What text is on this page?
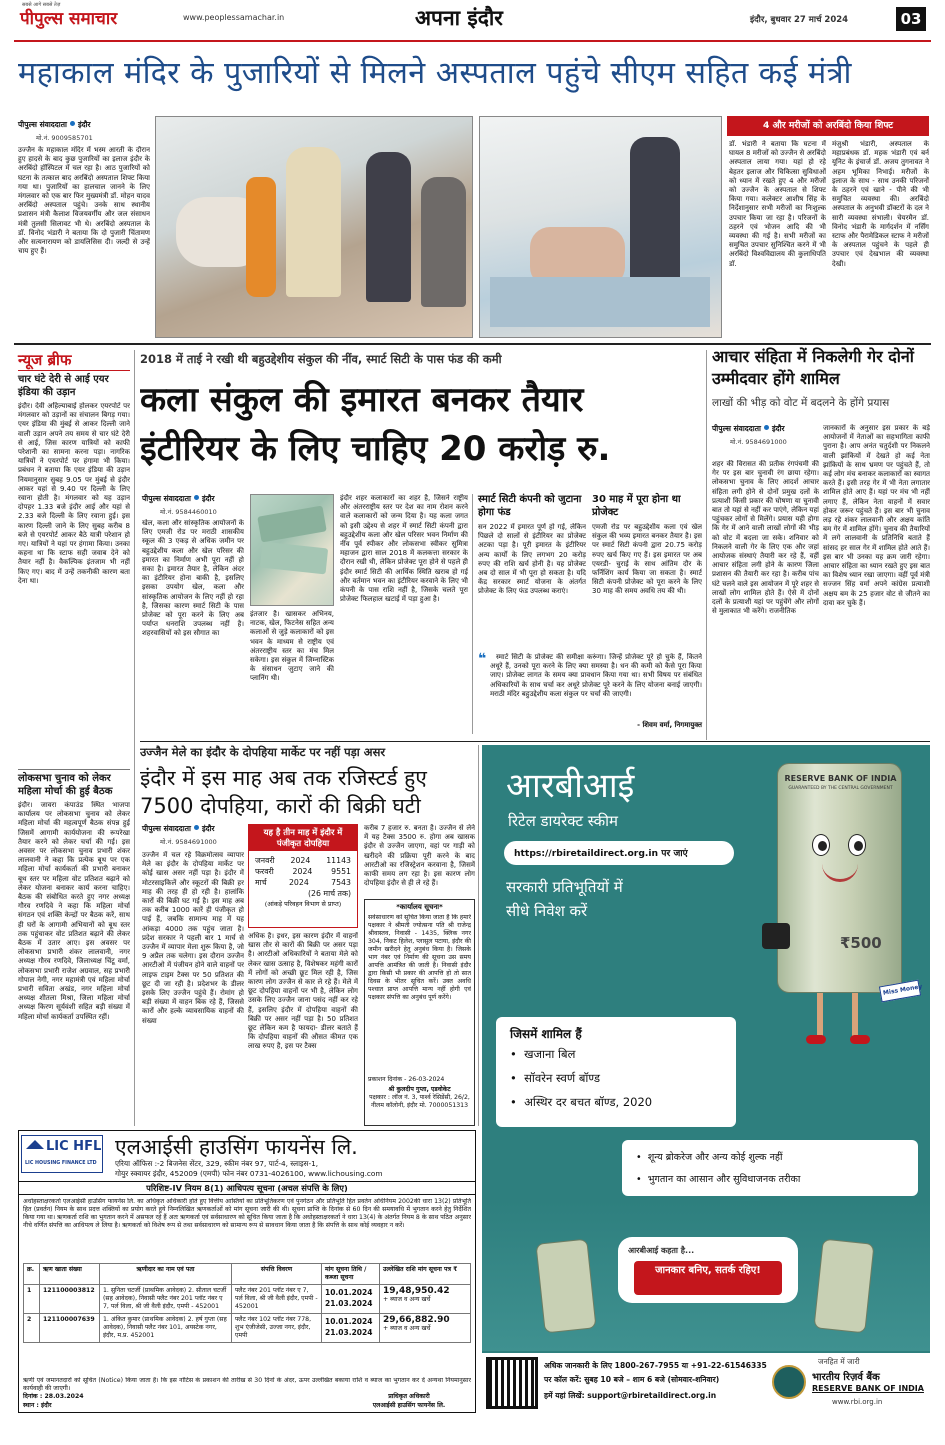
सबसे आगे सबसे तेज़
पीपुल्स समाचार	www.peoplessamachar.in	अपना इंदौर	इंदौर, बुधवार 27 मार्च 2024	03
महाकाल मंदिर के पुजारियों से मिलने अस्पताल पहुंचे सीएम सहित कई मंत्री
पीपुल्स संवाददाता इंदौर
मो.नं. 9009585701
उज्जैन के महाकाल मंदिर में भस्म आरती के दौरान हुए हादसे के बाद कुछ पुजारियों का इलाज इंदौर के अरबिंदो हॉस्पिटल में चल रहा है। आठ पुजारियों को घटना के तत्काल बाद अरबिंदो अस्पताल शिफ्ट किया गया था। पुजारियों का हालचाल जानने के लिए मंगलवार को एक बार फिर मुख्यमंत्री डॉ. मोहन यादव अरबिंदो अस्पताल पहुंचे। उनके साथ स्थानीय प्रशासन मंत्री कैलाश विजयवर्गीय और जल संसाधन मंत्री तुलसी सिलावट भी थे। अरबिंदो अस्पताल के डॉ. विनोद भंडारी ने बताया कि दो पुजारी चिंतामण और सत्यनारायण को डायलिसिस दी। जल्दी से उन्हें चाय हुए हैं।
4 और मरीजों को अरबिंदो किया शिफ्ट
डॉ. भंडारी ने बताया कि घटना में घायल 8 मरीजों को उज्जैन से अरबिंदो अस्पताल लाया गया। यहां हो रहे बेहतर इलाज और चिकित्सा सुविधाओं को ध्यान में रखते हुए 4 और मरीजों को उज्जैन के अस्पताल से शिफ्ट किया गया। कलेक्टर आशीष सिंह के निर्देशानुसार सभी मरीजों का निःशुल्क उपचार किया जा रहा है। परिजनों के ठहरने एवं भोजन आदि की भी व्यवस्था की गई है। सभी मरीजों का समुचित उपचार सुनिश्चित करने में भी अरबिंदो विश्वविद्यालय की कुलाधिपति डॉ.
मंजुश्री भंडारी, अस्पताल के महाप्रबंधक डॉ. महक भंडारी एवं बर्न यूनिट के इंचार्ज डॉ. अजय तुगनावत ने अहम भूमिका निभाई। मरीजों के इलाज के साथ - साथ उनकी परिजनों के ठहरने एवं खाने - पीने की भी समुचित व्यवस्था की। अरबिंदो अस्पताल के अनुभवी डॉक्टरों के दल ने सारी व्यवस्था संभाली। चेयरमैन डॉ. विनोद भंडारी के मार्गदर्शन में नर्सिंग स्टाफ और पैरामेडिकल स्टाफ ने मरीजों के अस्पताल पहुंचने के पहले ही उपचार एवं देखभाल की व्यवस्था देखी।
न्यूज ब्रीफ
चार घंटे देरी से आई एयर इंडिया की उड़ान
इंदौर। देवी अहिल्याबाई होलकर एयरपोर्ट पर मंगलवार को उड़ानों का संचालन बिगड़ गया। एयर इंडिया की मुंबई से आकर दिल्ली जाने वाली उड़ान अपने तय समय से चार घंटे देरी से आई, जिस कारण यात्रियों को काफी परेशानी का सामना करना पड़ा। नागरिक यात्रियों ने एयरपोर्ट पर हंगामा भी किया। प्रबंधन ने बताया कि एयर इंडिया की उड़ान नियमानुसार सुबह 9.05 पर मुंबई से इंदौर आकर यहां से 9.40 पर दिल्ली के लिए रवाना होती है। मंगलवार को यह उड़ान दोपहर 1.33 बजे इंदौर आई और यहां से 2.33 बजे दिल्ली के लिए रवाना हुई। इस कारण दिल्ली जाने के लिए सुबह करीब 8 बजे से एयरपोर्ट आकर बैठे यात्री परेशान हो गए। यात्रियों ने यहां पर हंगामा किया। उनका कहना था कि स्टाफ सही जवाब देने को तैयार नहीं है। वैकल्पिक इंतजाम भी नहीं किए गए। बाद में उन्हें तकनीकी कारण बता देना था।
लोकसभा चुनाव को लेकर महिला मोर्चा की हुई बैठक
इंदौर। जावरा कंपाउंड स्थित भाजपा कार्यालय पर लोकसभा चुनाव को लेकर महिला मोर्चा की महत्वपूर्ण बैठक संपन्न हुई जिसमें आगामी कार्ययोजना की रूपरेखा तैयार करने को लेकर चर्चा की गई। इस अवसर पर लोकसभा चुनाव प्रभारी शंकर लालवानी ने कहा कि प्रत्येक बूथ पर एक महिला मोर्चा कार्यकर्ता की प्रभारी बनाकर बूथ स्तर पर महिला वोट प्रतिशत बढ़ाने को लेकर योजना बनाकर कार्य करना चाहिए। बैठक की संबोधित करते हुए नगर अध्यक्ष गौरव रणदिवे ने कहा कि महिला मोर्चा संगठन एवं शक्ति केन्द्रों पर बैठक करें, साथ ही घरों के आगामी अभियानों को बूथ स्तर तक पहुंचाकर वोट प्रतिशत बढ़ाने की लेकर बैठक में उतार आए। इस अवसर पर लोकसभा प्रभारी शंकर लालवानी, नगर अध्यक्ष गौरव रणदिवे, जिलाध्यक्ष चिंटू वर्मा, लोकसभा प्रभारी राजेश अग्रवाल, सह प्रभारी गोपाल नेगी, नगर महामंत्री एवं महिला मोर्चा प्रभारी सविता अखंड, नगर महिला मोर्चा अध्यक्ष शीतला मिश्रा, जिला महिला मोर्चा अध्यक्ष किरण सूर्यवंशी सहित बड़ी संख्या में महिला मोर्चा कार्यकर्ता उपस्थित रहीं।
2018 में ताई ने रखी थी बहुउद्देशीय संकुल की नींव, स्मार्ट सिटी के पास फंड की कमी
कला संकुल की इमारत बनकर तैयार
इंटीरियर के लिए चाहिए 20 करोड़ रु.
पीपुल्स संवाददाता इंदौर
मो.नं. 9584460010
खेल, कला और सांस्कृतिक आयोजनों के लिए एमजी रोड पर मराठी शासकीय स्कूल की 3 एकड़ से अधिक जमीन पर बहुउद्देशीय कला और खेल परिसर की इमारत का निर्माण अभी पूरा नहीं हो सका है। इमारत तैयार है, लेकिन अंदर का इंटीरियर होना बाकी है, इसलिए इसका उपयोग खेल, कला और सांस्कृतिक आयोजन के लिए नहीं हो रहा है, जिसका कारण स्मार्ट सिटी के पास प्रोजेक्ट को पूरा करने के लिए अब पर्याप्त धनराशि उपलब्ध नहीं है। शहरवासियों को इस सौगात का
इंतजार है। खासकर अभिनय, नाटक, खेल, फिटनेस सहित अन्य कलाओं से जुड़े कलाकारों को इस भवन के माध्यम से राष्ट्रीय एवं अंतरराष्ट्रीय स्तर का मंच मिल सकेगा। इस संकुल में जिम्नास्टिक के संसाधन जुटाए जाने की प्लानिंग थी।
इंदौर शहर कलाकारों का शहर है, जिसने राष्ट्रीय और अंतरराष्ट्रीय स्तर पर देश का नाम रोशन करने वाले कलाकारों को जन्म दिया है। यह कला जगत को इसी उद्देश्य से शहर में स्मार्ट सिटी कंपनी द्वारा बहुउद्देशीय कला और खेल परिसर भवन निर्माण की नींव पूर्व स्पीकर और लोकसभा स्वीकर सुमित्रा महाजन द्वारा साल 2018 में कलकत्ता सरकार के दौरान रखी थी, लेकिन प्रोजेक्ट पूरा होने से पहले ही इंदौर स्मार्ट सिटी की आर्थिक स्थिति खराब हो गई और वर्तमान भवन का इंटीरियर करवाने के लिए भी कंपनी के पास राशि नहीं है, जिसके चलते पूरा प्रोजेक्ट फिलहाल खटाई में पड़ा हुआ है।
स्मार्ट सिटी कंपनी को जुटाना होगा फंड
सन 2022 में इमारत पूर्ण हो गई, लेकिन पिछले दो सालों से इंटीरियर का प्रोजेक्ट अटका पड़ा है। पूरी इमारत के इंटीरियर अन्य कार्यों के लिए लगभग 20 करोड़ रुपए की राशि खर्च होनी है। यह प्रोजेक्ट अब दो साल में भी पूरा हो सकता है। यदि केंद्र सरकार स्मार्ट योजना के अंतर्गत प्रोजेक्ट के लिए फंड उपलब्ध कराएं।
30 माह में पूरा होना था प्रोजेक्ट
एमजी रोड पर बहुउद्देशीय कला एवं खेल संकुल की भव्य इमारत बनकर तैयार है। इस पर स्मार्ट सिटी कंपनी द्वारा 20.75 करोड़ रुपए खर्च किए गए हैं। इस इमारत पर अब एयरडी- चुराई के साथ आंतिम दौर के फर्निशिंग कार्य किया जा सकता है। स्मार्ट सिटी कंपनी प्रोजेक्ट को पूरा करने के लिए 30 माह की समय अवधि तय की थी।
❝	स्मार्ट सिटी के प्रोजेक्ट की समीक्षा करूंगा। जिन्हें प्रोजेक्ट पूरे हो चुके हैं, कितने अधूरे हैं, उनको पूरा करने के लिए क्या समस्या है। धन की कमी को कैसे पूरा किया जाए। प्रोजेक्ट लागत के समय क्या प्रावधान किया गया था। सभी विषय पर संबंधित अधिकारियों के साथ चर्चा कर अधूरे प्रोजेक्ट पूरे करने के लिए योजना बनाई जाएगी। मराठी मंदिर बहुउद्देशीय कला संकुल पर चर्चा की जाएगी।
- शिवम वर्मा, निगमायुक्त
आचार संहिता में निकलेगी गेर दोनों उम्मीदवार होंगे शामिल
लाखों की भीड़ को वोट में बदलने के होंगे प्रयास
पीपुल्स संवाददाता इंदौर
मो.नं. 9584691000
शहर की विरासत की प्रतीक रंगपंचमी की गेर पर इस बार चुनावी रंग छाया रहेगा। लोकसभा चुनाव के लिए आदर्श आचार संहिता लगी होने से दोनों प्रमुख दलों के प्रत्याशी किसी प्रकार की घोषणा या चुनावी बात तो यहां से नहीं कर पाएंगे, लेकिन यहां पहुंचकर लोगों से मिलेंगे। प्रयास यही होगा कि गेर में आने वाली लाखों लोगों की भीड़ को वोट में बदला जा सके। शनिवार को निकलने वाली गेर के लिए एक और जहां आयोजक संस्थाएं तैयारी कर रहे हैं, वहीं आचार संहिता लगी होने के कारण जिला प्रशासन की तैयारी कर रहा है। करीब पांच घंटे चलने वाले इस आयोजन में पूरे शहर से लाखों लोग शामिल होते हैं। ऐसे में दोनों दलों के प्रत्याशी यहां पर पहुंचेंगे और लोगों से मुलाकात भी करेंगे। राजनीतिक
जानकारों के अनुसार इस प्रकार के बड़े आयोजनों में नेताओं का सहभागिता काफी पुराना है। आप अनंत चतुर्दशी पर निकलने वाली झांकियों में देखते हो कई नेता झांकियों के साथ भ्रमण पर पहुंचते हैं, तो कई लोग मंच बनाकर कलाकारों का स्वागत करते हैं। इसी तरह गेर में भी नेता लगातार शामिल होते आए हैं। यहां पर मंच भी नहीं लगाए हैं, लेकिन नेता वाहनों में सवार होकर जरूर पहुंचते हैं। इस बार भी चुनाव लड़ रहे शंकर लालवानी और अक्षय कांति बम गेर में शामिल होंगे। चुनाव की तैयारियों में लगे लालवानी के प्रतिनिधि बताते हैं सांसद हर साल गेर में शामिल होते आते हैं। इस बार भी उनका यह क्रम जारी रहेगा। आचार संहिता का ध्यान रखते हुए इस बात का विशेष ध्यान रखा जाएगा। वहीं पूर्व मंत्री सज्जन सिंह वर्मा अपने कांग्रेस प्रत्याशी अक्षय बम के 25 हजार वोट से जीतने का दावा कर चुके हैं।
उज्जैन मेले का इंदौर के दोपहिया मार्केट पर नहीं पड़ा असर
इंदौर में इस माह अब तक रजिस्टर्ड हुए 7500 दोपहिया, कारों की बिक्री घटी
पीपुल्स संवाददाता इंदौर
मो.नं. 9584691000
उज्जैन में चल रहे विक्रमोत्सव व्यापार मेले का इंदौर के दोपहिया मार्केट पर कोई खास असर नहीं पड़ा है। इंदौर में मोटरसाइकिलें और स्कूटरों की बिक्री हर माह की तरह ही हो रही है। हालांकि कारों की बिक्री घट गई है। इस माह अब तक करीब 1000 कारें ही पंजीकृत हो पाई हैं, जबकि सामान्य माह में यह आंकड़ा 4000 तक पहुंच जाता है। प्रदेश सरकार ने पहली बार 1 मार्च से उज्जैन में व्यापार मेला शुरू किया है, जो 9 अप्रैल तक चलेगा। इस दौरान उज्जैन आरटीओ में पंजीयन होने वाले वाहनों पर लाइफ टाइम टैक्स पर 50 प्रतिशत की छूट दी जा रही है। प्रदेशभर के डीलर इसके लिए उज्जैन पहुंचे हैं। रोमांग हो बड़ी संख्या में वाहन बिक रहे हैं, जिससे कारों और हल्के व्यावसायिक वाहनों की संख्या
यह है तीन माह में इंदौर में पंजीकृत दोपहिया
जनवरी 2024 11143
फरवरी 2024 9551
मार्च	2024	7543
(26 मार्च तक)
(आंकड़े परिवहन विभाग से प्राप्त)
अधिक है। इधर, इस कारण इंदौर में वाहनों खास तौर से कारों की बिक्री पर असर पड़ा है। आरटीओ अधिकारियों ने बताया मेले को लेकर खास उत्साह है, विशेषकर महंगी कारों में लोगों को अच्छी छूट मिल रही है, जिस कारण लोग उज्जैन से कार ले रहे हैं। मेले में छूट दोपहिया वाहनों पर भी है, लेकिन लोग उसके लिए उज्जैन जाना पसंद नहीं कर रहे हैं, इसलिए इंदौर में दोपहिया वाहनों की बिक्री पर असर नहीं पड़ा है। 50 प्रतिशत छूट लेकिन कम है फायदा- डीलर बताते हैं कि दोपहिया वाहनों की औसत कीमत एक लाख रुपए है, इस पर टैक्स
करीब 7 हजार रु. बनता है। उज्जैन से लेने में यह टैक्स 3500 रु. होगा अब खासक इंदौर से उज्जैन जाएगा, वहां पर गाड़ी को खरीदने की प्रक्रिया पूरी करने के बाद आरटीओ का रजिस्ट्रेशन करवाना है, जिसमें काफी समय लग रहा है। इस कारण लोग दोपहिया इंदौर से ही ले रहे हैं।
*कार्यालय सूचना*
सर्वसाधारण को सूचित किया जाता है कि हमारे पक्षकार ने श्रीमती ज्योत्सना पति श्री राजेन्द्र श्रीवास्तव, निवासी - 1435, क्लिक नगर 304, निकट हिलेश, प्लासुल पटाया, इंदौर की जमीन खरीदने हेतु अनुबंध किया है। जिसके भाग नंबर एवं निर्माण की सूचना उस समय आपत्ति आमंत्रित की जाती है। निवासी इंदौर द्वारा किसी भी प्रकार की आपत्ति हो तो सात दिवस के भीतर सूचित करें। उक्त अवधि पश्चात प्राप्त आपत्ति मान्य नहीं होगी एवं पक्षकार संपत्ति का अनुबंध पूर्ण करेंगे।
प्रकाशन दिनांक - 26-03-2024
श्री कुलदीप गुप्ता, एडवोकेट
पक्षकार : लॉज नं. 3, पार्श्व रेसिडेंसी, 26/2, नीलम कॉलोनी, इंदौर मो. 7000051313
आरबीआई
रिटेल डायरेक्ट स्कीम
https://rbiretaildirect.org.in पर जाएं
सरकारी प्रतिभूतियों में
सीधे निवेश करें
RESERVE BANK OF INDIA
GUARANTEED BY THE CENTRAL GOVERNMENT
₹500
Miss Money
जिसमें शामिल हैं
•  खजाना बिल
•  सॉवरेन स्वर्ण बॉण्ड
•  अस्थिर दर बचत बॉण्ड, 2020
•  शून्य ब्रोकरेज और अन्य कोई शुल्क नहीं
•  भुगतान का आसान और सुविधाजनक तरीका
आरबीआई कहता है...
जानकार बनिए, सतर्क रहिए!
अधिक जानकारी के लिए 1800-267-7955 या +91-22-61546335
पर कॉल करें: सुबह 10 बजे – शाम 6 बजे (सोमवार-शनिवार)
हमें यहां लिखें: support@rbiretaildirect.org.in
जनहित में जारी
भारतीय रिज़र्व बैंक
RESERVE BANK OF INDIA
www.rbi.org.in
LIC HFL
LIC HOUSING FINANCE LTD
एलआईसी हाउसिंग फायनेंस लि.
एरिया ऑफिस :-2 बिजनेस सेंटर, 329, स्कीम नंबर 97, पार्ट-4, स्लाइस-1,
गोयुर स्क्वायर इंदौर, 452009 (एमपी) फोन नंबर 0731-4026100, www.lichousing.com
परिशिष्ट-IV नियम 8(1) आधिपत्य सूचना (अचल संपत्ति के लिए)
अधोहस्ताक्षरकर्ता एलआईसी हाउसिंग फायनेंस लि. का अधिकृत अधिकारी होते हुए वित्तीय आस्तियों का प्रतिभूतिकरण एवं पुनर्गठन और प्रतिभूति हित प्रवर्तन अधिनियम 2002की धारा 13(2) प्रतिभूति हित (प्रवर्तन) नियम के साथ प्रदत्त शक्तियों का प्रयोग करते हुये निम्नलिखित ऋणकर्ताओं को मांग सूचना जारी की थी। सूचना प्राप्ति के दिनांक से 60 दिन की समयावधि में भुगतान करने हेतु निर्देशित किया गया था। ऋणकर्ता राशि का भुगतान करने में असफल रहे हैं अतः ऋणकर्ता एवं सर्वसाधारण को सूचित किया जाता है कि अधोहस्ताक्षरकर्ता ने धारा 13(4) के अंतर्गत नियम 8 के साथ पठित अनुसार नीचे वर्णित संपत्ति का आधिपत्य ले लिया है। ऋणकर्ता को विशेष रूप से तथा सर्वसाधारण को सामान्य रूप से सावधान किया जाता है कि संपत्ति के साथ कोई व्यवहार न करें।
क्र.	ऋण खाता संख्या	ऋणीदार का नाम एवं पता	संपत्ति विवरण	मांग सूचना तिथि / कब्जा सूचना	उल्लेखित राशि मांग सूचना पत्र ₹
1	121100003812	1. सुनिता चटर्जी (प्राथमिक आवेदक) 2. सीताल चटर्जी (सह आवेदक), निवासी फ्लैट नंबर 201 प्लॉट नंबर ए 7, पर्ल विला, श्री जी वैली इंदौर, एमपी - 452001	फ्लैट नंबर 201 प्लॉट नंबर ए 7, पर्ल विला, श्री जी वैली इंदौर, एमपी - 452001	10.01.2024
21.03.2024	19,48,950.42
+ ब्याज व अन्य खर्चे
2	121100007639	1. अंकित कुमार (प्राथमिक आवेदक) 2. हर्ष गुप्ता (सह आवेदक), निवासी फ्लैट नंबर 101, अयस्टेक नगर, इंदौर, म.प्र. 452001	फ्लैट नंबर 102 प्लॉट नंबर 778, शुभ एंजीजेसी, उज्जा नगर, इंदौर, एमपी	10.01.2024
21.03.2024	29,66,882.90
+ ब्याज व अन्य खर्चे
ऋणी एवं जमानतदारों को सूचित (Notice) किया जाता है। कि इस नोटिस के प्रकाशन की तारीख से 30 दिनों के अंदर, ऊपर उल्लेखित बकाया राशि व ब्याज का भुगतान कर दें अन्यथा नियमानुसार कार्यवाही की जाएगी।
दिनांक : 28.03.2024
स्थान : इंदौर
प्राधिकृत अधिकारी
एलआईसी हाउसिंग फायनेंस लि.
